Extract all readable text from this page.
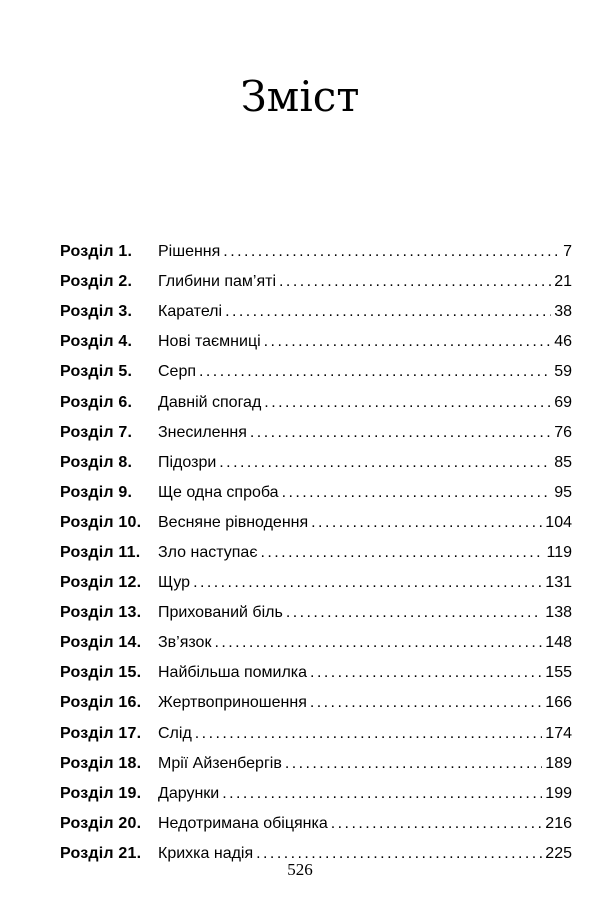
Зміст
Розділ 1.	Рішення . . .	7
Розділ 2.	Глибини пам’яті . . .	21
Розділ 3.	Карателі . . .	38
Розділ 4.	Нові таємниці . . .	46
Розділ 5.	Серп . . .	59
Розділ 6.	Давній спогад . . .	69
Розділ 7.	Знесилення . . .	76
Розділ 8.	Підозри . . .	85
Розділ 9.	Ще одна спроба . . .	95
Розділ 10.	Весняне рівнодення . . .	104
Розділ 11.	Зло наступає . . .	119
Розділ 12.	Щур . . .	131
Розділ 13.	Прихований біль . . .	138
Розділ 14.	Зв’язок . . .	148
Розділ 15.	Найбільша помилка . . .	155
Розділ 16.	Жертвоприношення . . .	166
Розділ 17.	Слід . . .	174
Розділ 18.	Мрії Айзенбергів . . .	189
Розділ 19.	Дарунки . . .	199
Розділ 20.	Недотримана обіцянка . . .	216
Розділ 21.	Крихка надія . . .	225
526
